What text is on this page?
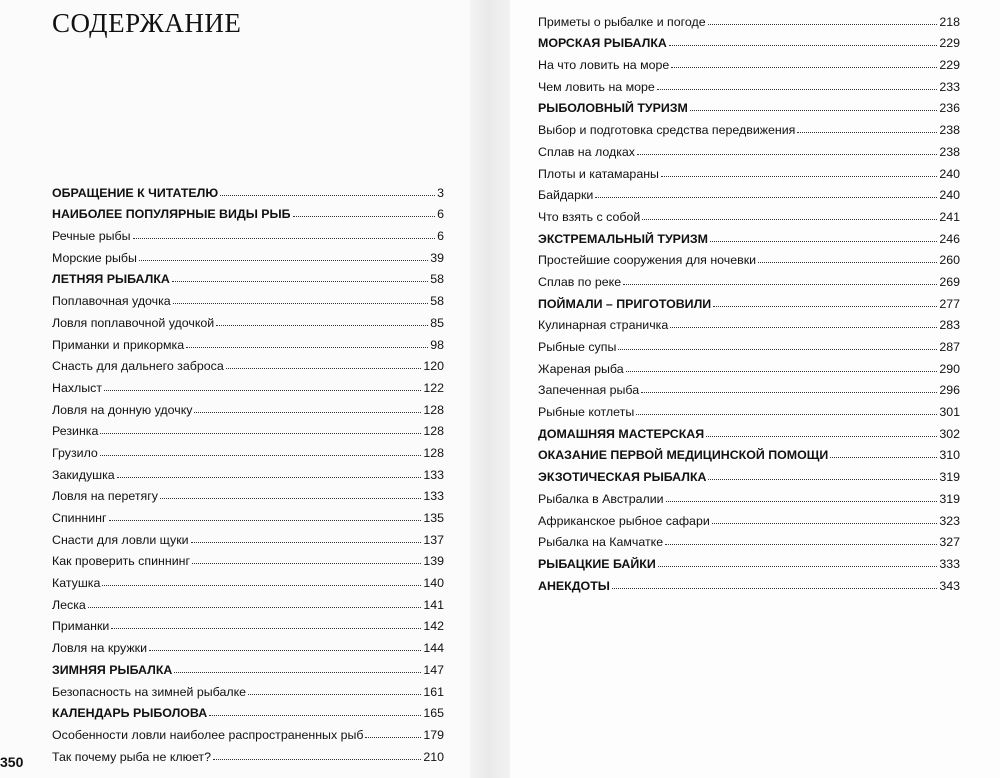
СОДЕРЖАНИЕ
ОБРАЩЕНИЕ К ЧИТАТЕЛЮ	3
НАИБОЛЕЕ ПОПУЛЯРНЫЕ ВИДЫ РЫБ	6
Речные рыбы	6
Морские рыбы	39
ЛЕТНЯЯ РЫБАЛКА	58
Поплавочная удочка	58
Ловля поплавочной удочкой	85
Приманки и прикормка	98
Снасть для дальнего заброса	120
Нахлыст	122
Ловля на донную удочку	128
Резинка	128
Грузило	128
Закидушка	133
Ловля на перетягу	133
Спиннинг	135
Снасти для ловли щуки	137
Как проверить спиннинг	139
Катушка	140
Леска	141
Приманки	142
Ловля на кружки	144
ЗИМНЯЯ РЫБАЛКА	147
Безопасность на зимней рыбалке	161
КАЛЕНДАРЬ РЫБОЛОВА	165
Особенности ловли наиболее распространенных рыб	179
Так почему рыба не клюет?	210
Приметы о рыбалке и погоде	218
МОРСКАЯ РЫБАЛКА	229
На что ловить на море	229
Чем ловить на море	233
РЫБОЛОВНЫЙ ТУРИЗМ	236
Выбор и подготовка средства передвижения	238
Сплав на лодках	238
Плоты и катамараны	240
Байдарки	240
Что взять с собой	241
ЭКСТРЕМАЛЬНЫЙ ТУРИЗМ	246
Простейшие сооружения для ночевки	260
Сплав по реке	269
ПОЙМАЛИ – ПРИГОТОВИЛИ	277
Кулинарная страничка	283
Рыбные супы	287
Жареная рыба	290
Запеченная рыба	296
Рыбные котлеты	301
ДОМАШНЯЯ МАСТЕРСКАЯ	302
ОКАЗАНИЕ ПЕРВОЙ МЕДИЦИНСКОЙ ПОМОЩИ	310
ЭКЗОТИЧЕСКАЯ РЫБАЛКА	319
Рыбалка в Австралии	319
Африканское рыбное сафари	323
Рыбалка на Камчатке	327
РЫБАЦКИЕ БАЙКИ	333
АНЕКДОТЫ	343
350
